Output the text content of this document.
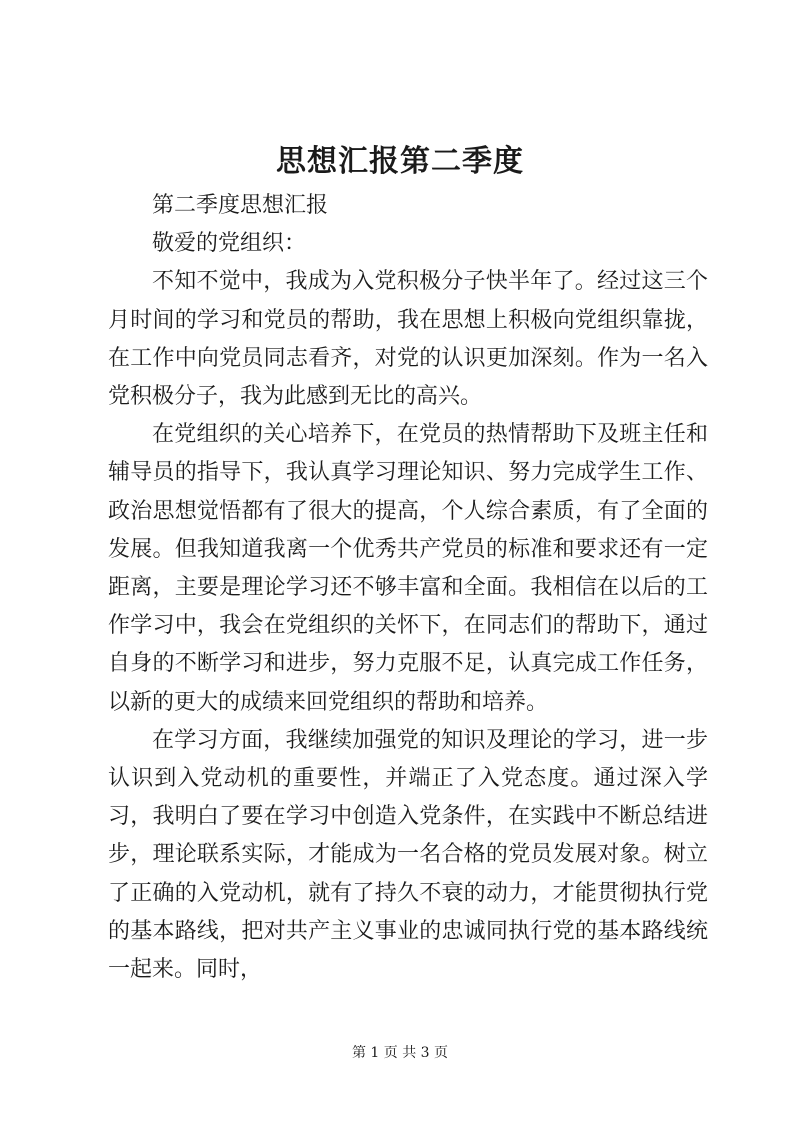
思想汇报第二季度

第二季度思想汇报

敬爱的党组织：

不知不觉中，我成为入党积极分子快半年了。经过这三个月时间的学习和党员的帮助，我在思想上积极向党组织靠拢，在工作中向党员同志看齐，对党的认识更加深刻。作为一名入党积极分子，我为此感到无比的高兴。

在党组织的关心培养下，在党员的热情帮助下及班主任和辅导员的指导下，我认真学习理论知识、努力完成学生工作、政治思想觉悟都有了很大的提高，个人综合素质，有了全面的发展。但我知道我离一个优秀共产党员的标准和要求还有一定距离，主要是理论学习还不够丰富和全面。我相信在以后的工作学习中，我会在党组织的关怀下，在同志们的帮助下，通过自身的不断学习和进步，努力克服不足，认真完成工作任务，以新的更大的成绩来回党组织的帮助和培养。

在学习方面，我继续加强党的知识及理论的学习，进一步认识到入党动机的重要性，并端正了入党态度。通过深入学习，我明白了要在学习中创造入党条件，在实践中不断总结进步，理论联系实际，才能成为一名合格的党员发展对象。树立了正确的入党动机，就有了持久不衰的动力，才能贯彻执行党的基本路线，把对共产主义事业的忠诚同执行党的基本路线统一起来。同时，

第 1 页 共 3 页
